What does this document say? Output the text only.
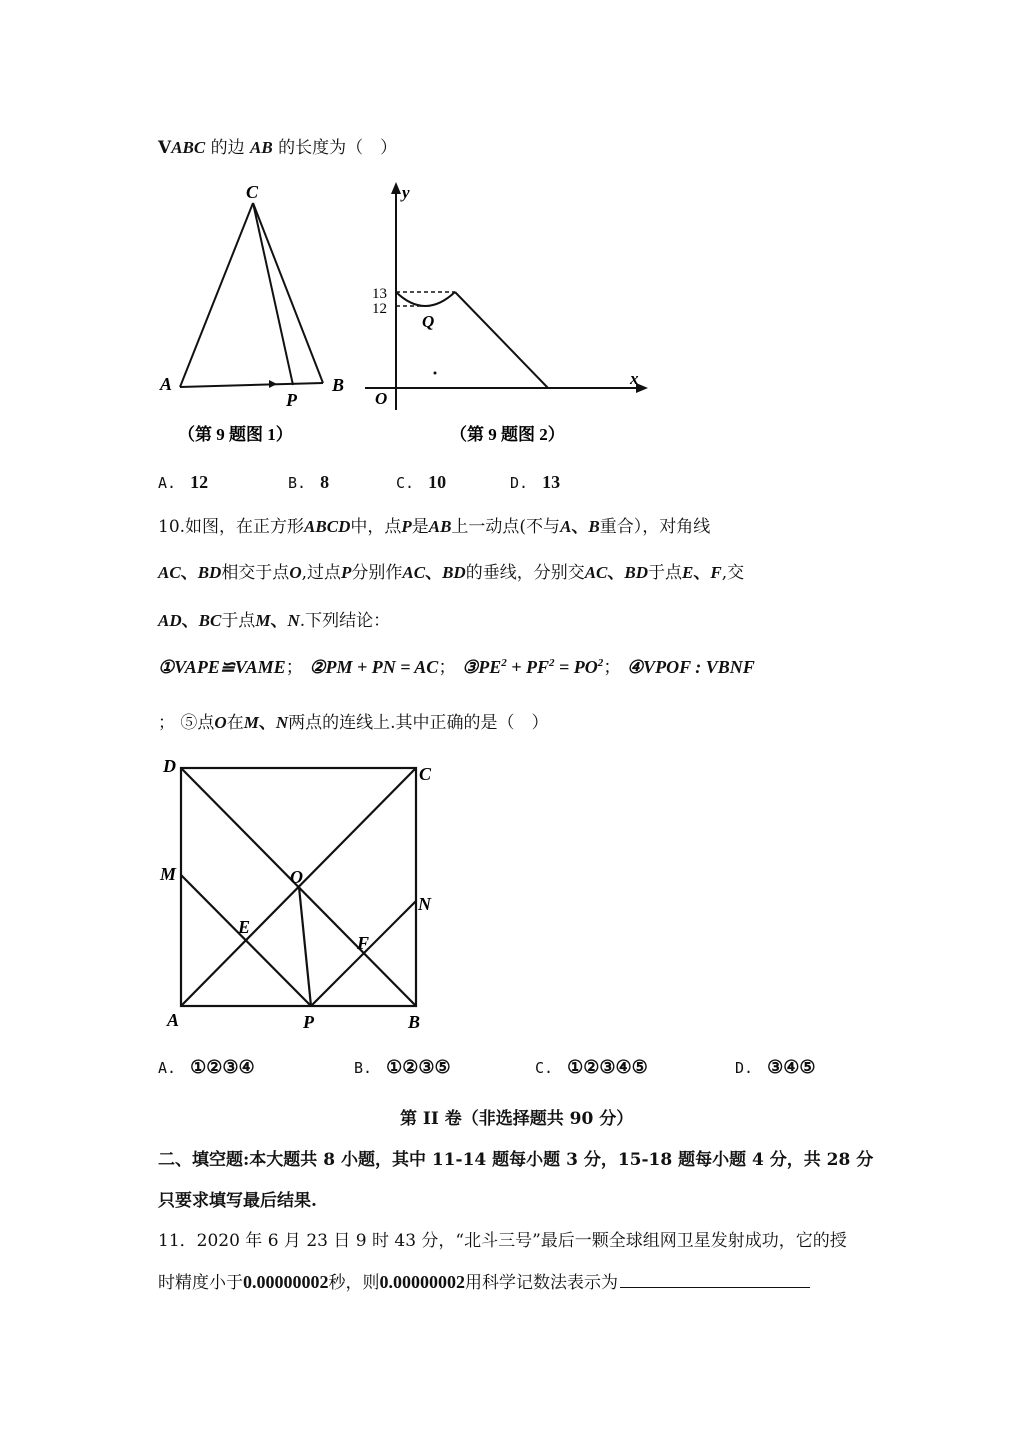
VABC 的边 AB 的长度为（　）
C
A	B
P
（第 9 题图 1）
y
x
O
Q
13
12
（第 9 题图 2）
A. 12	B. 8	C. 10	D. 13
10.如图，在正方形ABCD中，点P是AB上一动点(不与A、B重合），对角线
AC、BD相交于点O,过点P分别作AC、BD的垂线，分别交AC、BD于点E、F,交
AD、BC于点M、N.下列结论：
①VAPE≌VAME； ②PM + PN = AC； $③PE^2 + PF^2 = PO^2$； ④VPOF : VBNF
； ⑤点O在M、N两点的连线上.其中正确的是（　）
D	C
M	O
N
E
F
A	P	B
A. ①②③④	B. ①②③⑤	C. ①②③④⑤	D. ③④⑤
第 II 卷（非选择题共 90 分）
二、填空题:本大题共 8 小题，其中 11-14 题每小题 3 分，15-18 题每小题 4 分，共 28 分
只要求填写最后结果.
11．2020 年 6 月 23 日 9 时 43 分，“北斗三号”最后一颗全球组网卫星发射成功，它的授
时精度小于0.00000002秒，则0.00000002用科学记数法表示为
